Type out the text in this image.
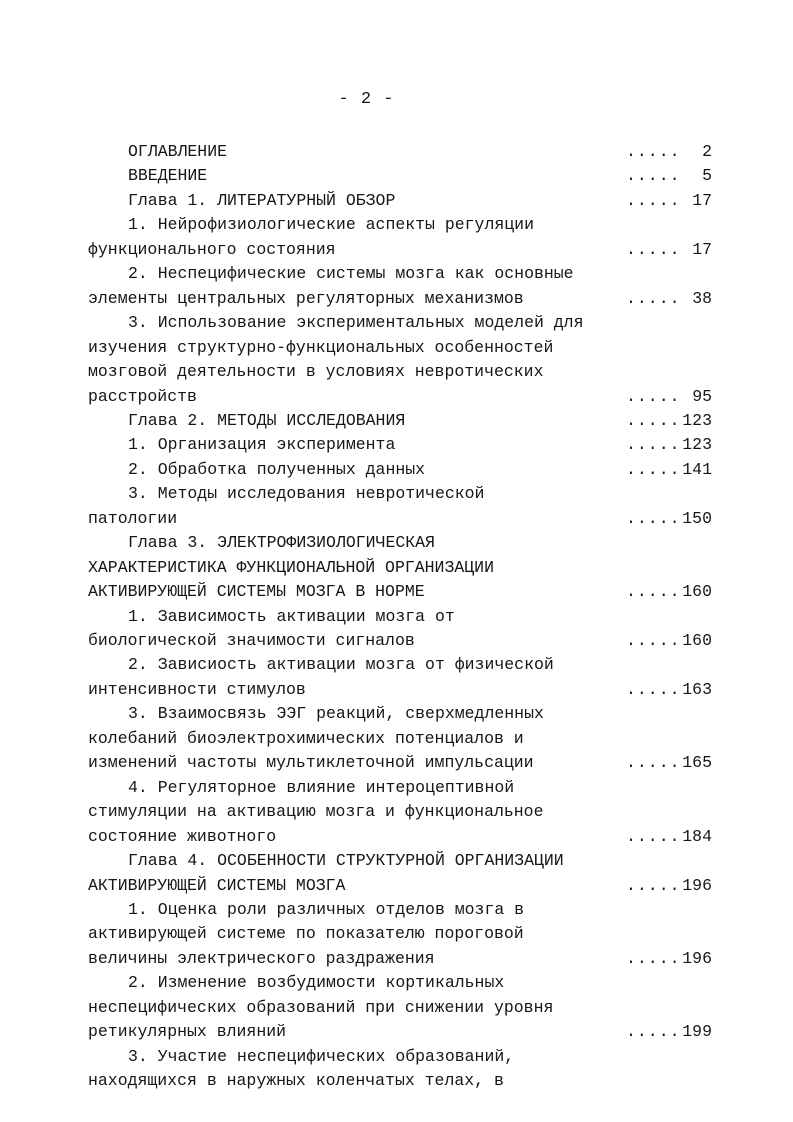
- 2 -
ОГЛАВЛЕНИЕ	..... 2
ВВЕДЕНИЕ	..... 5
Глава 1. ЛИТЕРАТУРНЫЙ ОБЗОР	..... 17
1. Нейрофизиологические аспекты регуляции
функционального состояния	..... 17
2. Неспецифические системы мозга как основные
элементы центральных регуляторных механизмов	..... 38
3. Использование экспериментальных моделей для
изучения структурно-функциональных особенностей
мозговой деятельности в условиях невротических
расстройств	..... 95
Глава 2. МЕТОДЫ ИССЛЕДОВАНИЯ	..... 123
1. Организация эксперимента	..... 123
2. Обработка полученных данных	..... 141
3. Методы исследования невротической
патологии	..... 150
Глава 3. ЭЛЕКТРОФИЗИОЛОГИЧЕСКАЯ
ХАРАКТЕРИСТИКА ФУНКЦИОНАЛЬНОЙ ОРГАНИЗАЦИИ
АКТИВИРУЮЩЕЙ СИСТЕМЫ МОЗГА В НОРМЕ	..... 160
1. Зависимость активации мозга от
биологической значимости сигналов	..... 160
2. Зависиость активации мозга от физической
интенсивности стимулов	..... 163
3. Взаимосвязь ЭЭГ реакций, сверхмедленных
колебаний биоэлектрохимических потенциалов и
изменений частоты мультиклеточной импульсации	..... 165
4. Регуляторное влияние интероцептивной
стимуляции на активацию мозга и функциональное
состояние животного	..... 184
Глава 4. ОСОБЕННОСТИ СТРУКТУРНОЙ ОРГАНИЗАЦИИ
АКТИВИРУЮЩЕЙ СИСТЕМЫ МОЗГА	..... 196
1. Оценка роли различных отделов мозга в
активирующей системе по показателю пороговой
величины электрического раздражения	..... 196
2. Изменение возбудимости кортикальных
неспецифических образований при снижении уровня
ретикулярных влияний	..... 199
3. Участие неспецифических образований,
находящихся в наружных коленчатых телах, в
